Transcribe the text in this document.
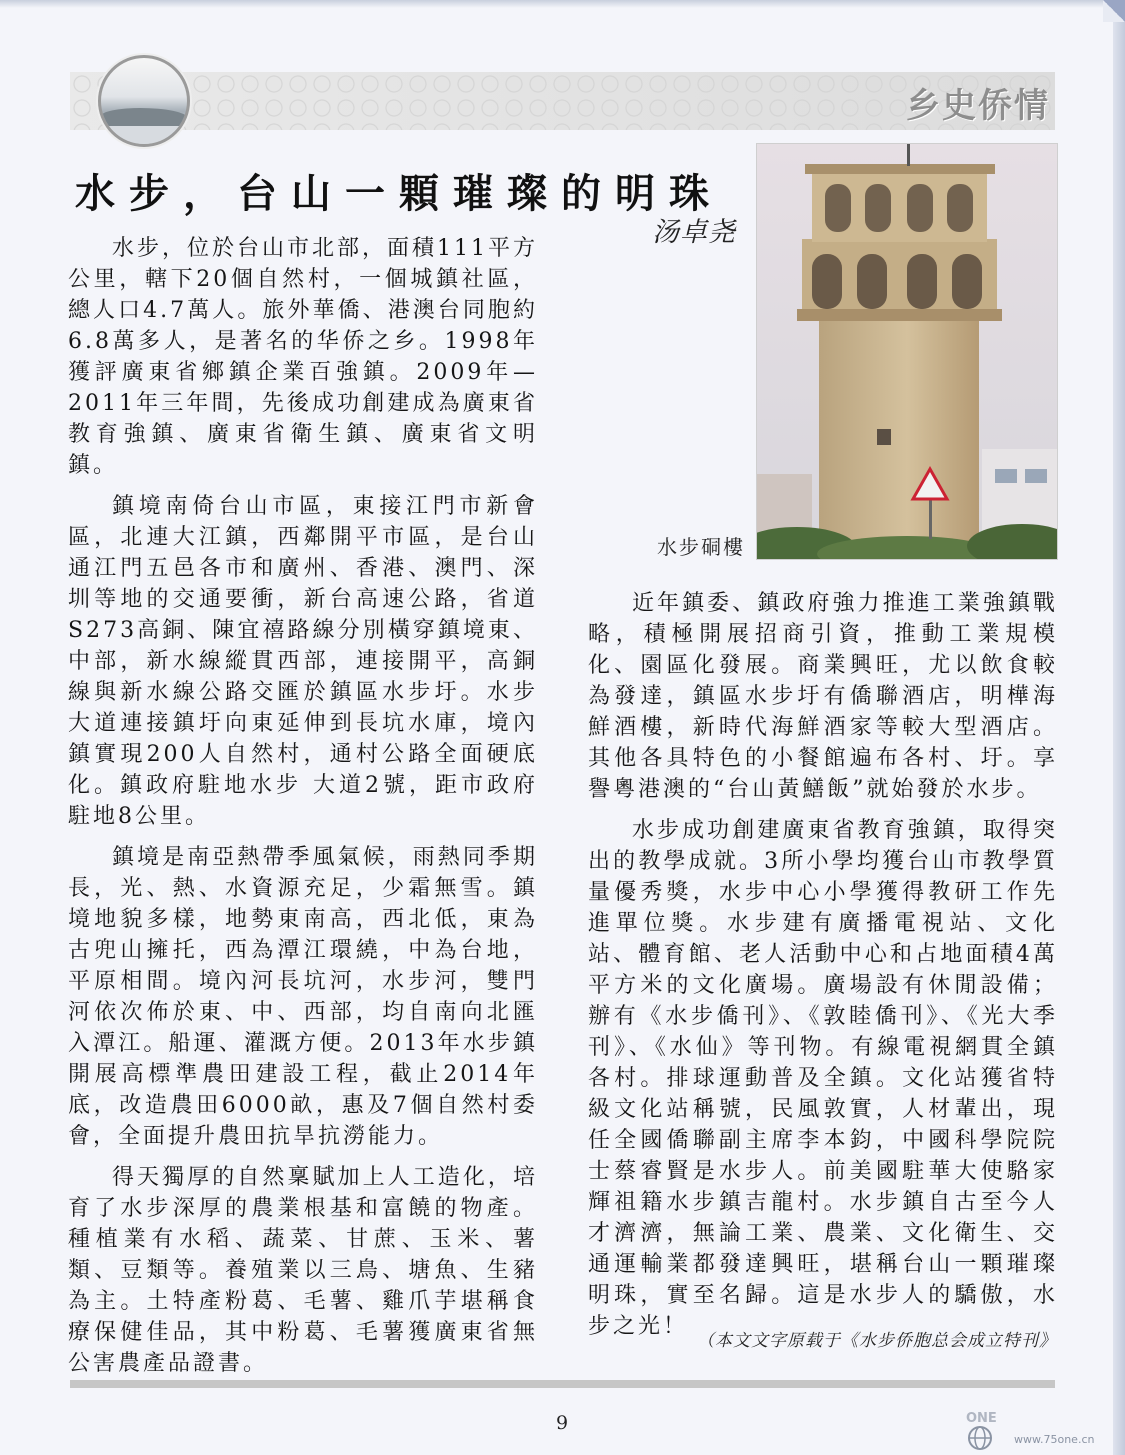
乡史侨情
水步，台山一顆璀璨的明珠
汤卓尧

水步，位於台山市北部，面積111平方公里，轄下20個自然村，一個城鎮社區，總人口4.7萬人。旅外華僑、港澳台同胞約6.8萬多人，是著名的华侨之乡。1998年獲評廣東省鄉鎮企業百強鎮。2009年—2011年三年間，先後成功創建成為廣東省教育強鎮、廣東省衛生鎮、廣東省文明鎮。

鎮境南倚台山市區，東接江門市新會區，北連大江鎮，西鄰開平市區，是台山通江門五邑各市和廣州、香港、澳門、深圳等地的交通要衝，新台高速公路，省道S273高銅、陳宜禧路線分別橫穿鎮境東、中部，新水線縱貫西部，連接開平，高銅線與新水線公路交匯於鎮區水步圩。水步大道連接鎮圩向東延伸到長坑水庫，境內鎮實現200人自然村，通村公路全面硬底化。鎮政府駐地水步 大道2號，距市政府駐地8公里。

鎮境是南亞熱帶季風氣候，雨熱同季期長，光、熱、水資源充足，少霜無雪。鎮境地貌多樣，地勢東南高，西北低，東為古兜山擁托，西為潭江環繞，中為台地，平原相間。境內河長坑河，水步河，雙門河依次佈於東、中、西部，均自南向北匯入潭江。船運、灌溉方便。2013年水步鎮開展高標準農田建設工程，截止2014年底，改造農田6000畝，惠及7個自然村委會，全面提升農田抗旱抗澇能力。

得天獨厚的自然稟賦加上人工造化，培育了水步深厚的農業根基和富饒的物產。種植業有水稻、蔬菜、甘蔗、玉米、薯類、豆類等。養殖業以三鳥、塘魚、生豬為主。土特產粉葛、毛薯、雞爪芋堪稱食療保健佳品，其中粉葛、毛薯獲廣東省無公害農產品證書。

水步硐樓

近年鎮委、鎮政府強力推進工業強鎮戰略，積極開展招商引資，推動工業規模化、園區化發展。商業興旺，尤以飲食較為發達，鎮區水步圩有僑聯酒店，明樺海鮮酒樓，新時代海鮮酒家等較大型酒店。其他各具特色的小餐館遍布各村、圩。享譽粵港澳的“台山黃鱔飯”就始發於水步。

水步成功創建廣東省教育強鎮，取得突出的教學成就。3所小學均獲台山市教學質量優秀獎，水步中心小學獲得教研工作先進單位獎。水步建有廣播電視站、文化站、體育館、老人活動中心和占地面積4萬平方米的文化廣場。廣場設有休閒設備；辦有《水步僑刊》、《敦睦僑刊》、《光大季刊》、《水仙》等刊物。有線電視網貫全鎮各村。排球運動普及全鎮。文化站獲省特級文化站稱號，民風敦實，人材輩出，現任全國僑聯副主席李本鈞，中國科學院院士蔡睿賢是水步人。前美國駐華大使駱家輝祖籍水步鎮吉龍村。水步鎮自古至今人才濟濟，無論工業、農業、文化衛生、交通運輸業都發達興旺，堪稱台山一顆璀璨明珠，實至名歸。這是水步人的驕傲，水步之光！

（本文文字原载于《水步侨胞总会成立特刊》
9	ONE
www.75one.cn
